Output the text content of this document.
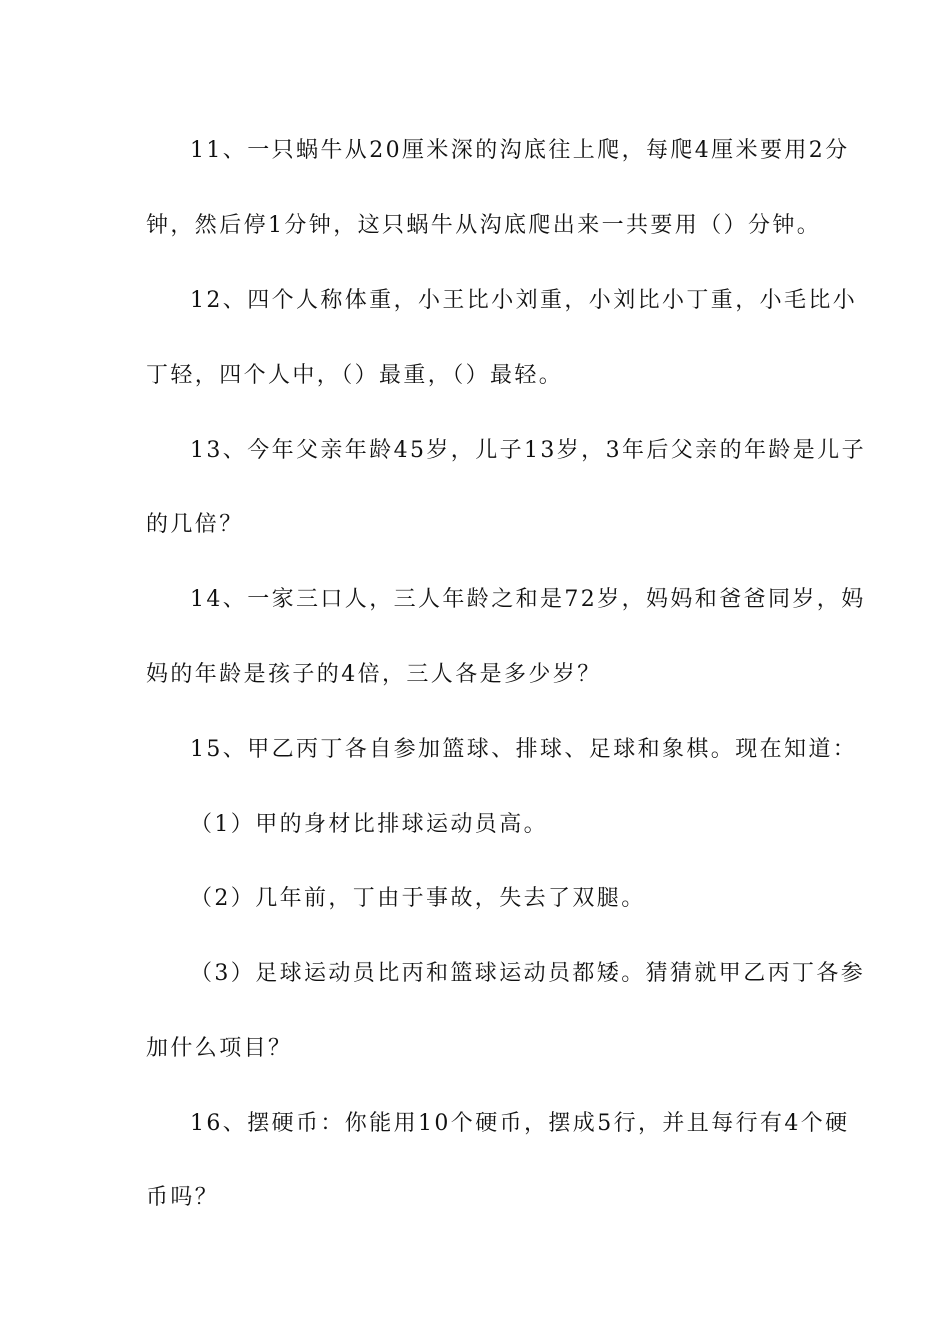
11、一只蜗牛从20厘米深的沟底往上爬，每爬4厘米要用2分
钟，然后停1分钟，这只蜗牛从沟底爬出来一共要用（）分钟。
12、四个人称体重，小王比小刘重，小刘比小丁重，小毛比小
丁轻，四个人中，（）最重，（）最轻。
13、今年父亲年龄45岁，儿子13岁，3年后父亲的年龄是儿子
的几倍？
14、一家三口人，三人年龄之和是72岁，妈妈和爸爸同岁，妈
妈的年龄是孩子的4倍，三人各是多少岁？
15、甲乙丙丁各自参加篮球、排球、足球和象棋。现在知道：
（1）甲的身材比排球运动员高。
（2）几年前，丁由于事故，失去了双腿。
（3）足球运动员比丙和篮球运动员都矮。猜猜就甲乙丙丁各参
加什么项目？
16、摆硬币：你能用10个硬币，摆成5行，并且每行有4个硬
币吗？
